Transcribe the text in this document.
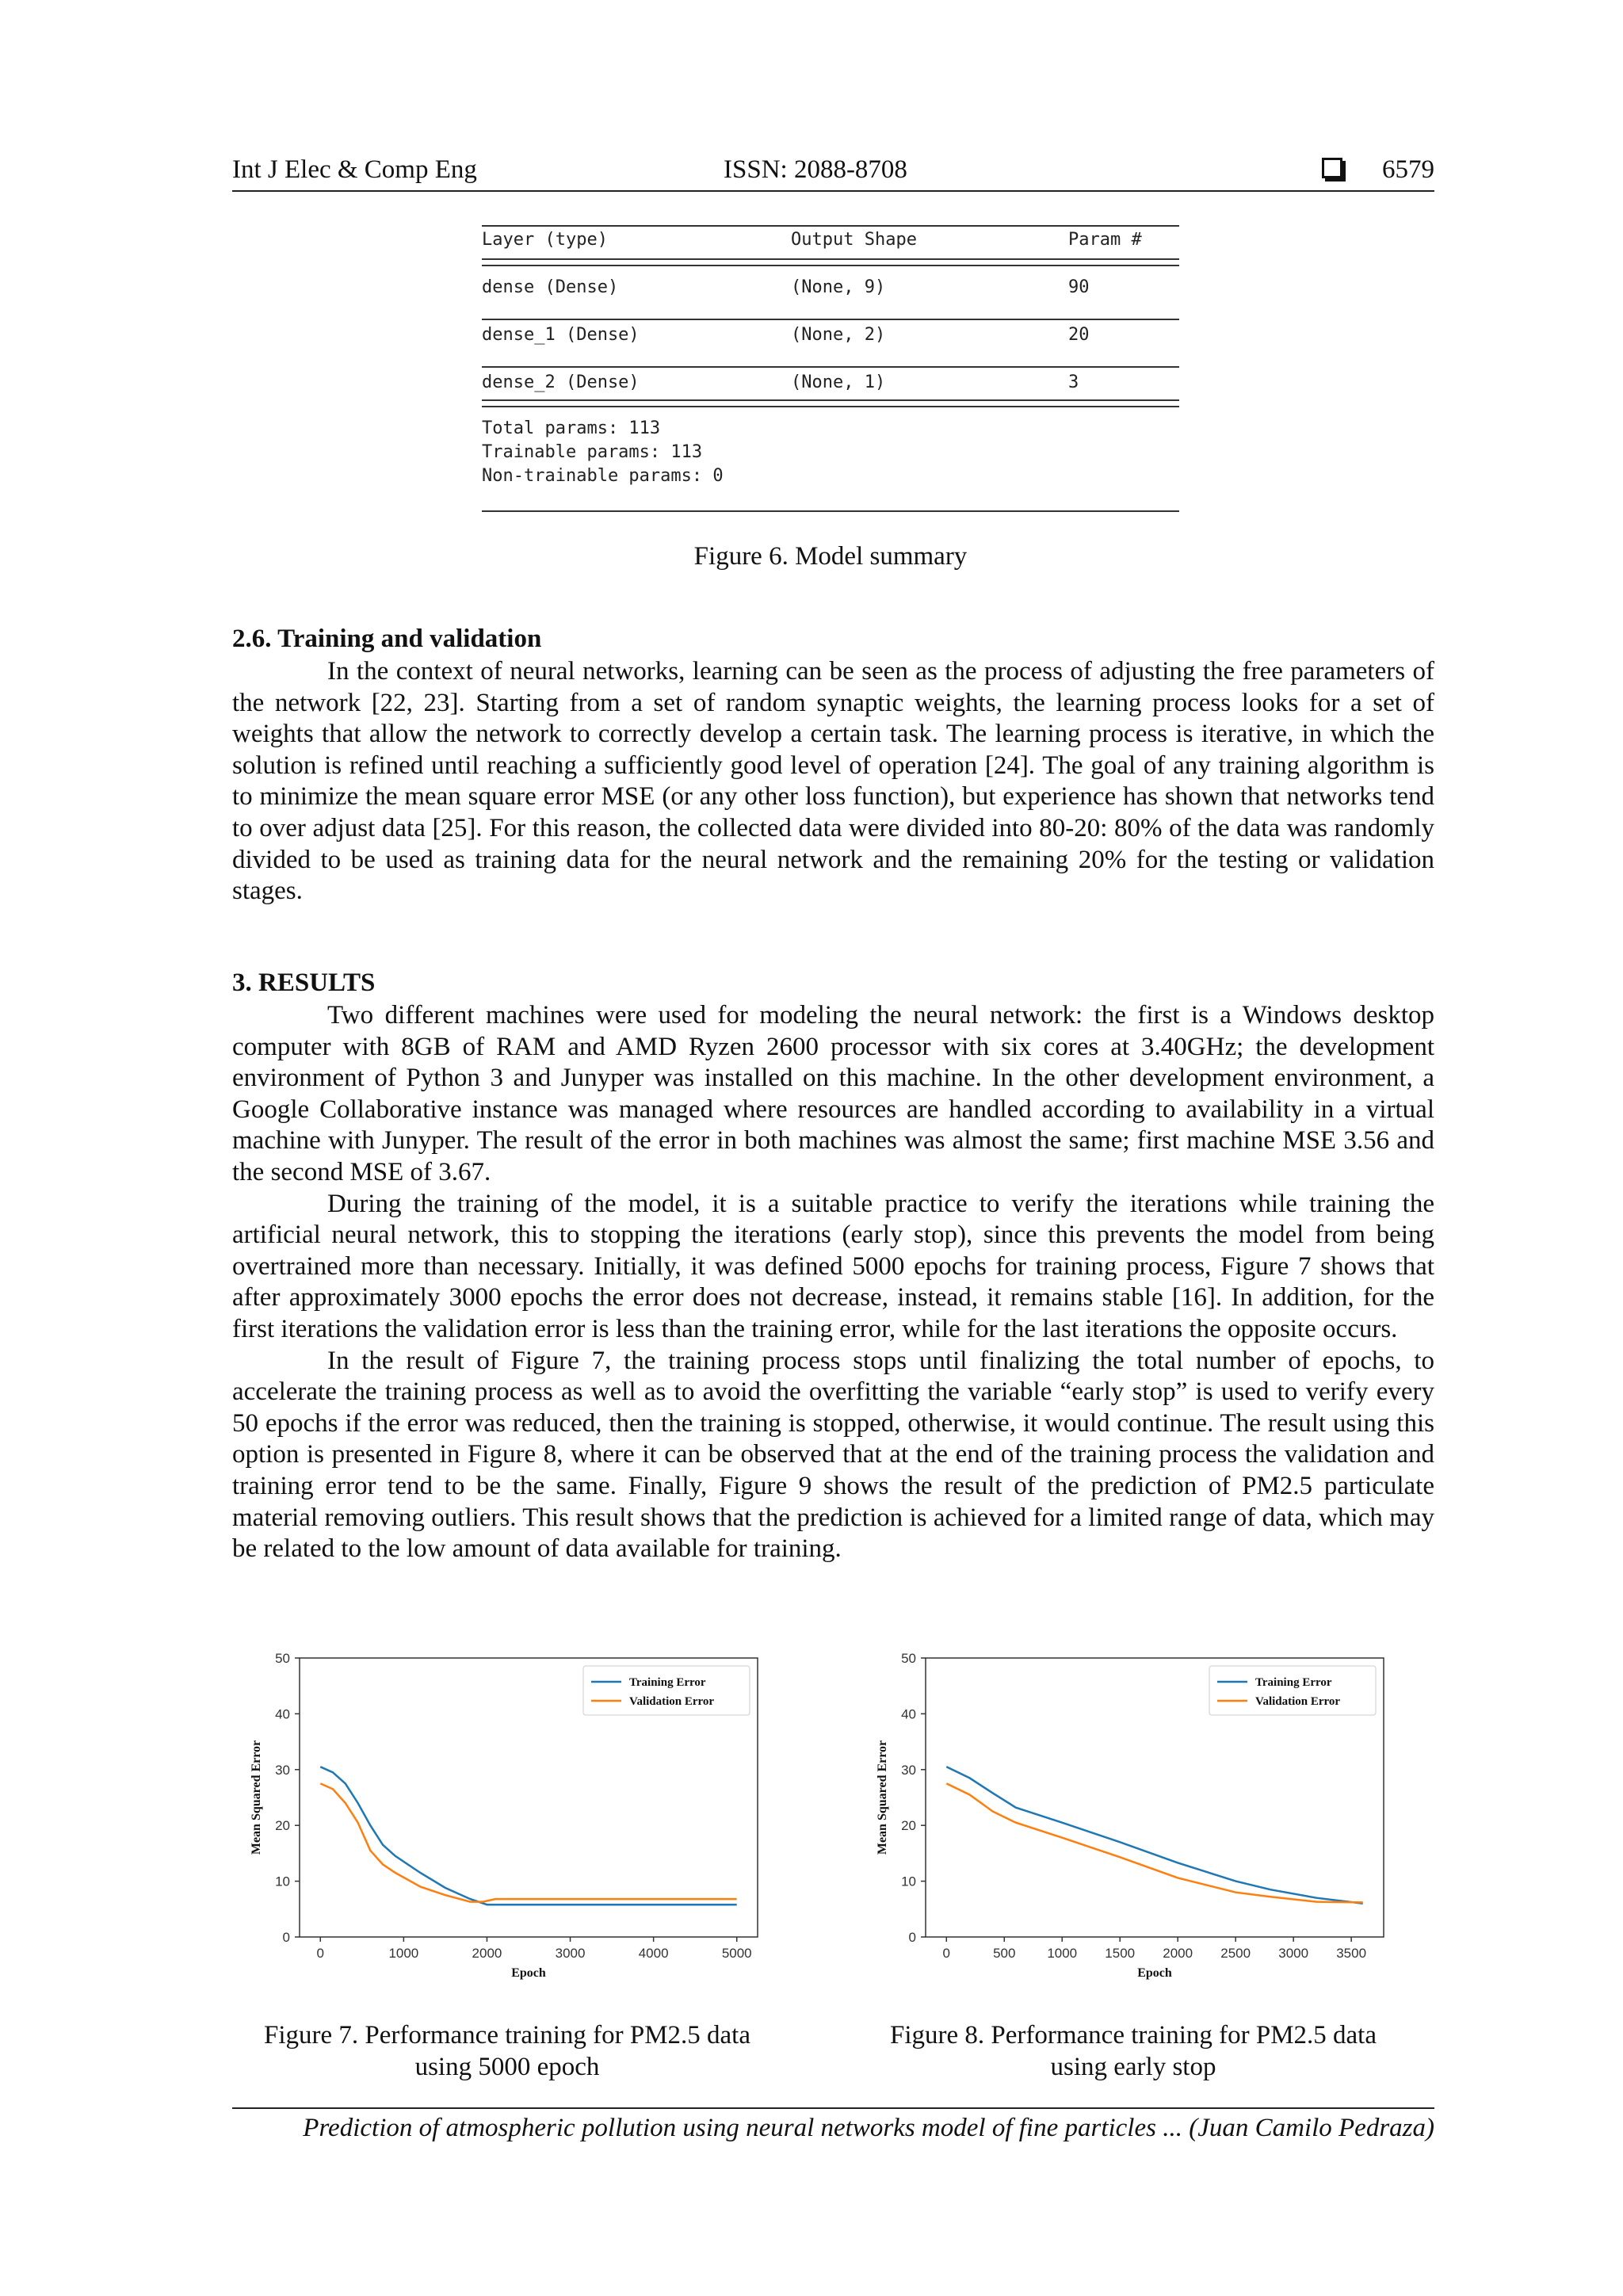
Int J Elec & Comp Eng	ISSN: 2088-8708	6579
Layer (type)	Output Shape	Param #
dense (Dense)	(None, 9)	90
dense_1 (Dense)	(None, 2)	20
dense_2 (Dense)	(None, 1)	3
Total params: 113
Trainable params: 113
Non-trainable params: 0
Figure 6. Model summary
2.6. Training and validation

In the context of neural networks, learning can be seen as the process of adjusting the free parameters of the network [22, 23]. Starting from a set of random synaptic weights, the learning process looks for a set of weights that allow the network to correctly develop a certain task. The learning process is iterative, in which the solution is refined until reaching a sufficiently good level of operation [24]. The goal of any training algorithm is to minimize the mean square error MSE (or any other loss function), but experience has shown that networks tend to over adjust data [25]. For this reason, the collected data were divided into 80-20: 80% of the data was randomly divided to be used as training data for the neural network and the remaining 20% for the testing or validation stages.

3. RESULTS

Two different machines were used for modeling the neural network: the first is a Windows desktop computer with 8GB of RAM and AMD Ryzen 2600 processor with six cores at 3.40GHz; the development environment of Python 3 and Junyper was installed on this machine. In the other development environment, a Google Collaborative instance was managed where resources are handled according to availability in a virtual machine with Junyper. The result of the error in both machines was almost the same; first machine MSE 3.56 and the second MSE of 3.67.

During the training of the model, it is a suitable practice to verify the iterations while training the artificial neural network, this to stopping the iterations (early stop), since this prevents the model from being overtrained more than necessary. Initially, it was defined 5000 epochs for training process, Figure 7 shows that after approximately 3000 epochs the error does not decrease, instead, it remains stable [16]. In addition, for the first iterations the validation error is less than the training error, while for the last iterations the opposite occurs.

In the result of Figure 7, the training process stops until finalizing the total number of epochs, to accelerate the training process as well as to avoid the overfitting the variable “early stop” is used to verify every 50 epochs if the error was reduced, then the training is stopped, otherwise, it would continue. The result using this option is presented in Figure 8, where it can be observed that at the end of the training process the validation and training error tend to be the same. Finally, Figure 9 shows the result of the prediction of PM2.5 particulate material removing outliers. This result shows that the prediction is achieved for a limited range of data, which may be related to the low amount of data available for training.

0
10
20
30
40
50
0	1000	2000	3000	4000	5000
Epoch
Mean Squared Error
Training Error
Validation Error
0
10
20
30
40
50
0	500 1000 1500 2000 2500 3000 3500
Epoch
Mean Squared Error
Training Error
Validation Error
Figure 7. Performance training for PM2.5 data
using 5000 epoch
Figure 8. Performance training for PM2.5 data
using early stop
Prediction of atmospheric pollution using neural networks model of fine particles ... (Juan Camilo Pedraza)
